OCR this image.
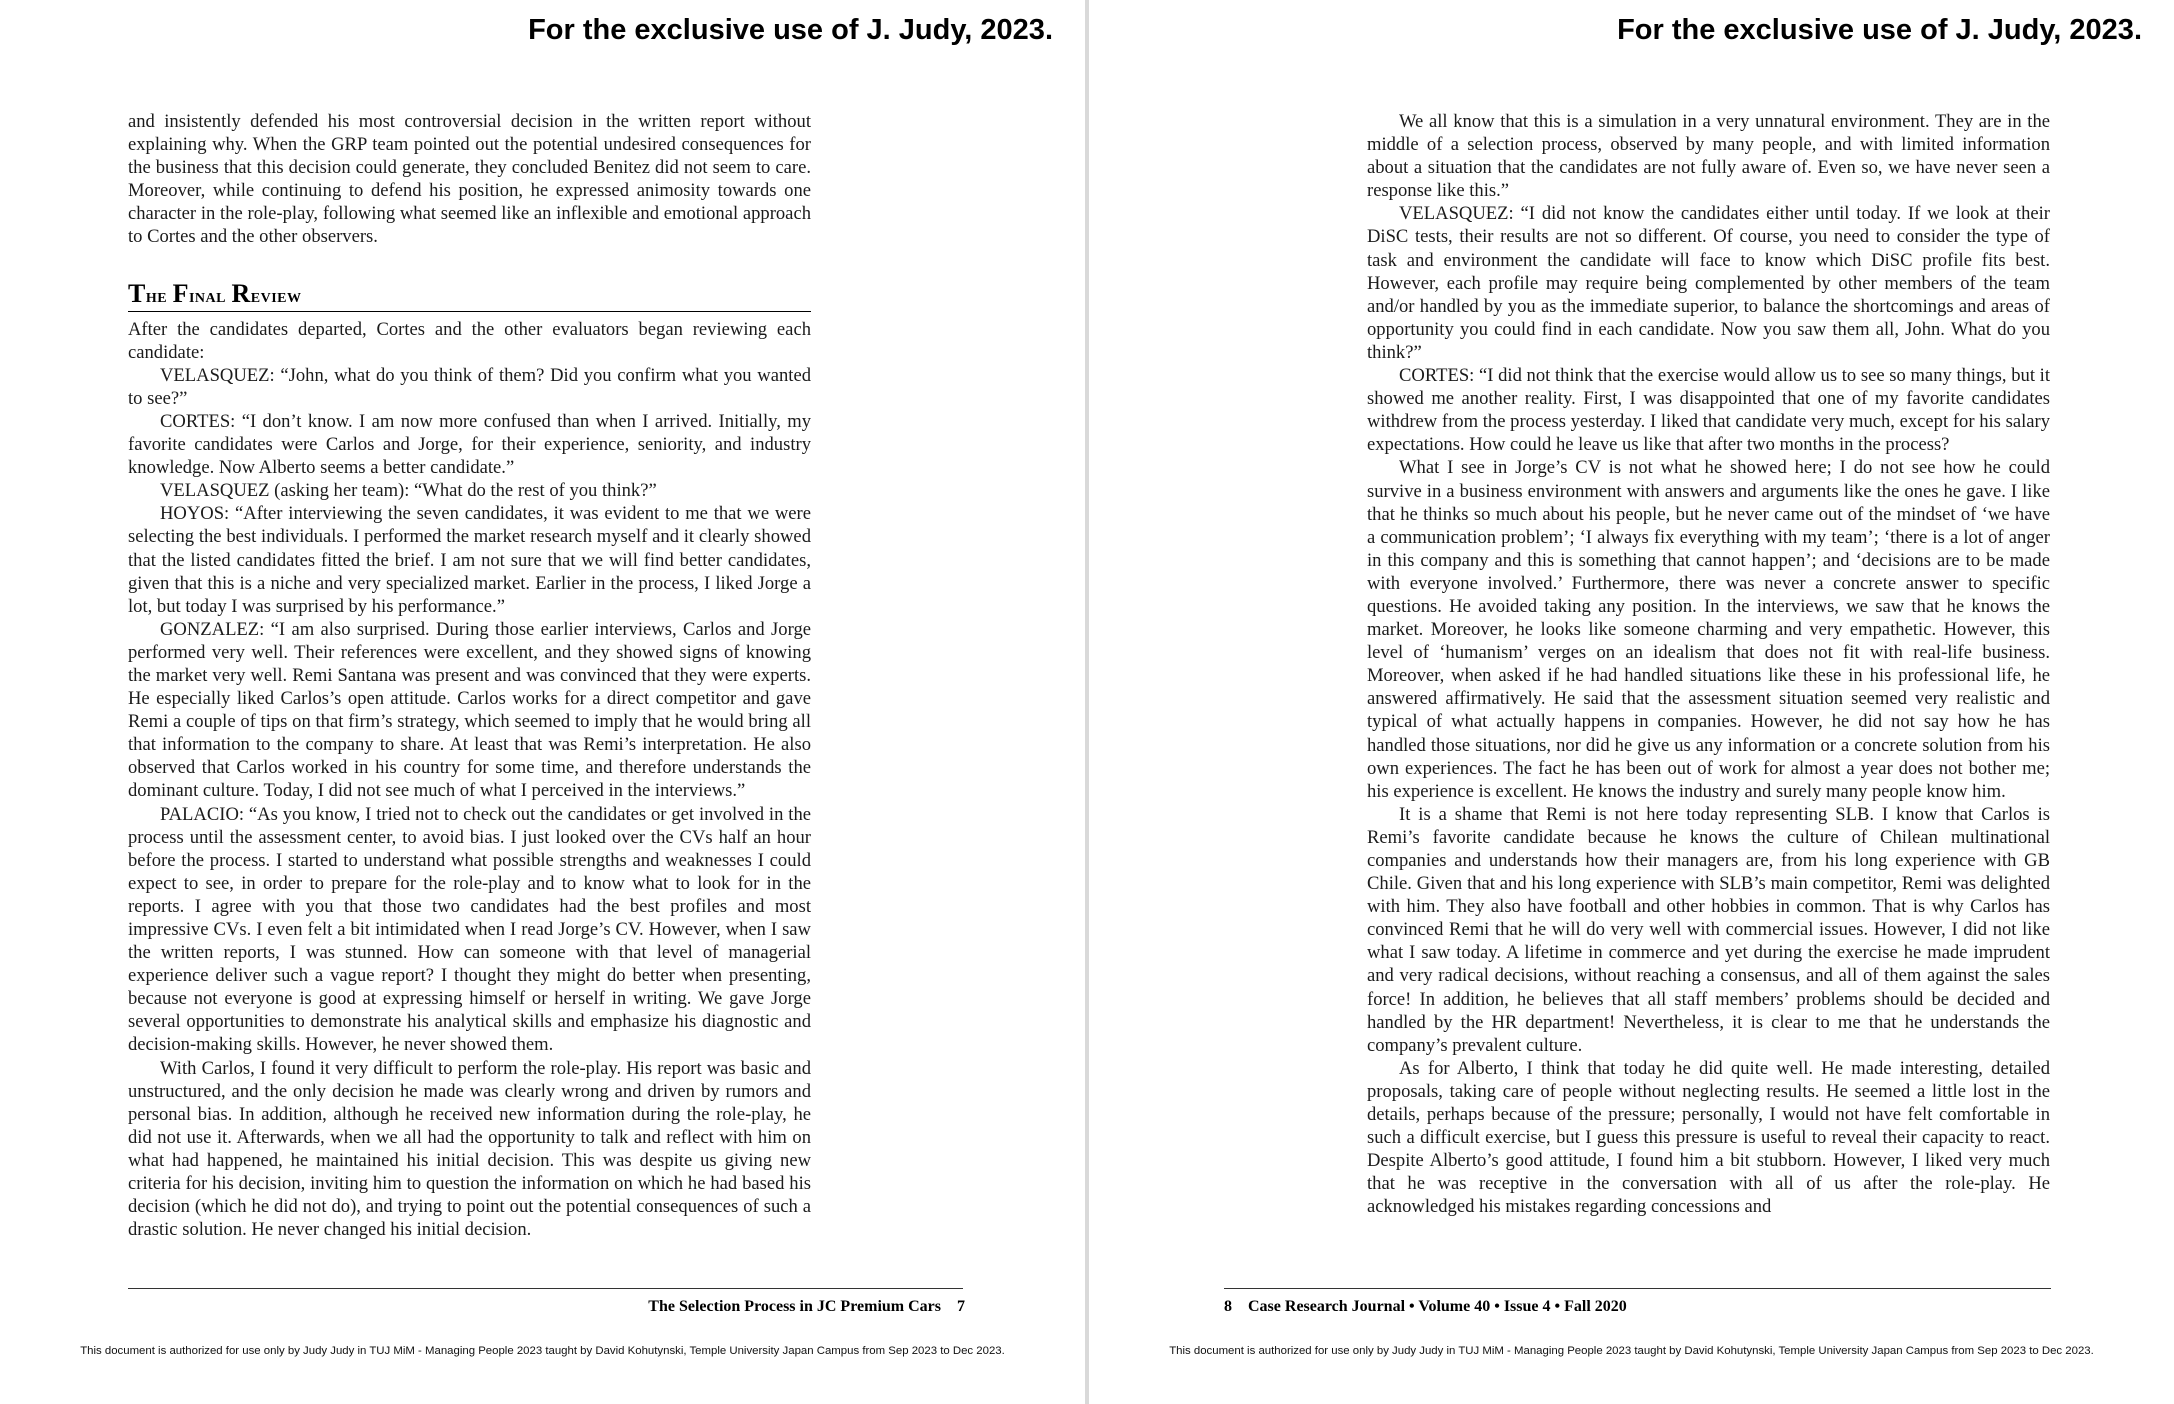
For the exclusive use of J. Judy, 2023.

and insistently defended his most controversial decision in the written report without explaining why. When the GRP team pointed out the potential undesired consequences for the business that this decision could generate, they concluded Benitez did not seem to care. Moreover, while continuing to defend his position, he expressed animosity towards one character in the role-play, following what seemed like an inflexible and emotional approach to Cortes and the other observers.

The Final Review

After the candidates departed, Cortes and the other evaluators began reviewing each candidate:

VELASQUEZ: “John, what do you think of them? Did you confirm what you wanted to see?”

CORTES: “I don’t know. I am now more confused than when I arrived. Initially, my favorite candidates were Carlos and Jorge, for their experience, seniority, and industry knowledge. Now Alberto seems a better candidate.”

VELASQUEZ (asking her team): “What do the rest of you think?”

HOYOS: “After interviewing the seven candidates, it was evident to me that we were selecting the best individuals. I performed the market research myself and it clearly showed that the listed candidates fitted the brief. I am not sure that we will find better candidates, given that this is a niche and very specialized market. Earlier in the process, I liked Jorge a lot, but today I was surprised by his performance.”

GONZALEZ: “I am also surprised. During those earlier interviews, Carlos and Jorge performed very well. Their references were excellent, and they showed signs of knowing the market very well. Remi Santana was present and was convinced that they were experts. He especially liked Carlos’s open attitude. Carlos works for a direct competitor and gave Remi a couple of tips on that firm’s strategy, which seemed to imply that he would bring all that information to the company to share. At least that was Remi’s interpretation. He also observed that Carlos worked in his country for some time, and therefore understands the dominant culture. Today, I did not see much of what I perceived in the interviews.”

PALACIO: “As you know, I tried not to check out the candidates or get involved in the process until the assessment center, to avoid bias. I just looked over the CVs half an hour before the process. I started to understand what possible strengths and weaknesses I could expect to see, in order to prepare for the role-play and to know what to look for in the reports. I agree with you that those two candidates had the best profiles and most impressive CVs. I even felt a bit intimidated when I read Jorge’s CV. However, when I saw the written reports, I was stunned. How can someone with that level of managerial experience deliver such a vague report? I thought they might do better when presenting, because not everyone is good at expressing himself or herself in writing. We gave Jorge several opportunities to demonstrate his analytical skills and emphasize his diagnostic and decision-making skills. However, he never showed them.

With Carlos, I found it very difficult to perform the role-play. His report was basic and unstructured, and the only decision he made was clearly wrong and driven by rumors and personal bias. In addition, although he received new information during the role-play, he did not use it. Afterwards, when we all had the opportunity to talk and reflect with him on what had happened, he maintained his initial decision. This was despite us giving new criteria for his decision, inviting him to question the information on which he had based his decision (which he did not do), and trying to point out the potential consequences of such a drastic solution. He never changed his initial decision.

The Selection Process in JC Premium Cars 7
This document is authorized for use only by Judy Judy in TUJ MiM - Managing People 2023 taught by David Kohutynski, Temple University Japan Campus from Sep 2023 to Dec 2023.
For the exclusive use of J. Judy, 2023.

We all know that this is a simulation in a very unnatural environment. They are in the middle of a selection process, observed by many people, and with limited information about a situation that the candidates are not fully aware of. Even so, we have never seen a response like this.”

VELASQUEZ: “I did not know the candidates either until today. If we look at their DiSC tests, their results are not so different. Of course, you need to consider the type of task and environment the candidate will face to know which DiSC profile fits best. However, each profile may require being complemented by other members of the team and/or handled by you as the immediate superior, to balance the shortcomings and areas of opportunity you could find in each candidate. Now you saw them all, John. What do you think?”

CORTES: “I did not think that the exercise would allow us to see so many things, but it showed me another reality. First, I was disappointed that one of my favorite candidates withdrew from the process yesterday. I liked that candidate very much, except for his salary expectations. How could he leave us like that after two months in the process?

What I see in Jorge’s CV is not what he showed here; I do not see how he could survive in a business environment with answers and arguments like the ones he gave. I like that he thinks so much about his people, but he never came out of the mindset of ‘we have a communication problem’; ‘I always fix everything with my team’; ‘there is a lot of anger in this company and this is something that cannot happen’; and ‘decisions are to be made with everyone involved.’ Furthermore, there was never a concrete answer to specific questions. He avoided taking any position. In the interviews, we saw that he knows the market. Moreover, he looks like someone charming and very empathetic. However, this level of ‘humanism’ verges on an idealism that does not fit with real-life business. Moreover, when asked if he had handled situations like these in his professional life, he answered affirmatively. He said that the assessment situation seemed very realistic and typical of what actually happens in companies. However, he did not say how he has handled those situations, nor did he give us any information or a concrete solution from his own experiences. The fact he has been out of work for almost a year does not bother me; his experience is excellent. He knows the industry and surely many people know him.

It is a shame that Remi is not here today representing SLB. I know that Carlos is Remi’s favorite candidate because he knows the culture of Chilean multinational companies and understands how their managers are, from his long experience with GB Chile. Given that and his long experience with SLB’s main competitor, Remi was delighted with him. They also have football and other hobbies in common. That is why Carlos has convinced Remi that he will do very well with commercial issues. However, I did not like what I saw today. A lifetime in commerce and yet during the exercise he made imprudent and very radical decisions, without reaching a consensus, and all of them against the sales force! In addition, he believes that all staff members’ problems should be decided and handled by the HR department! Nevertheless, it is clear to me that he understands the company’s prevalent culture.

As for Alberto, I think that today he did quite well. He made interesting, detailed proposals, taking care of people without neglecting results. He seemed a little lost in the details, perhaps because of the pressure; personally, I would not have felt comfortable in such a difficult exercise, but I guess this pressure is useful to reveal their capacity to react. Despite Alberto’s good attitude, I found him a bit stubborn. However, I liked very much that he was receptive in the conversation with all of us after the role-play. He acknowledged his mistakes regarding concessions and

8 Case Research Journal • Volume 40 • Issue 4 • Fall 2020
This document is authorized for use only by Judy Judy in TUJ MiM - Managing People 2023 taught by David Kohutynski, Temple University Japan Campus from Sep 2023 to Dec 2023.
